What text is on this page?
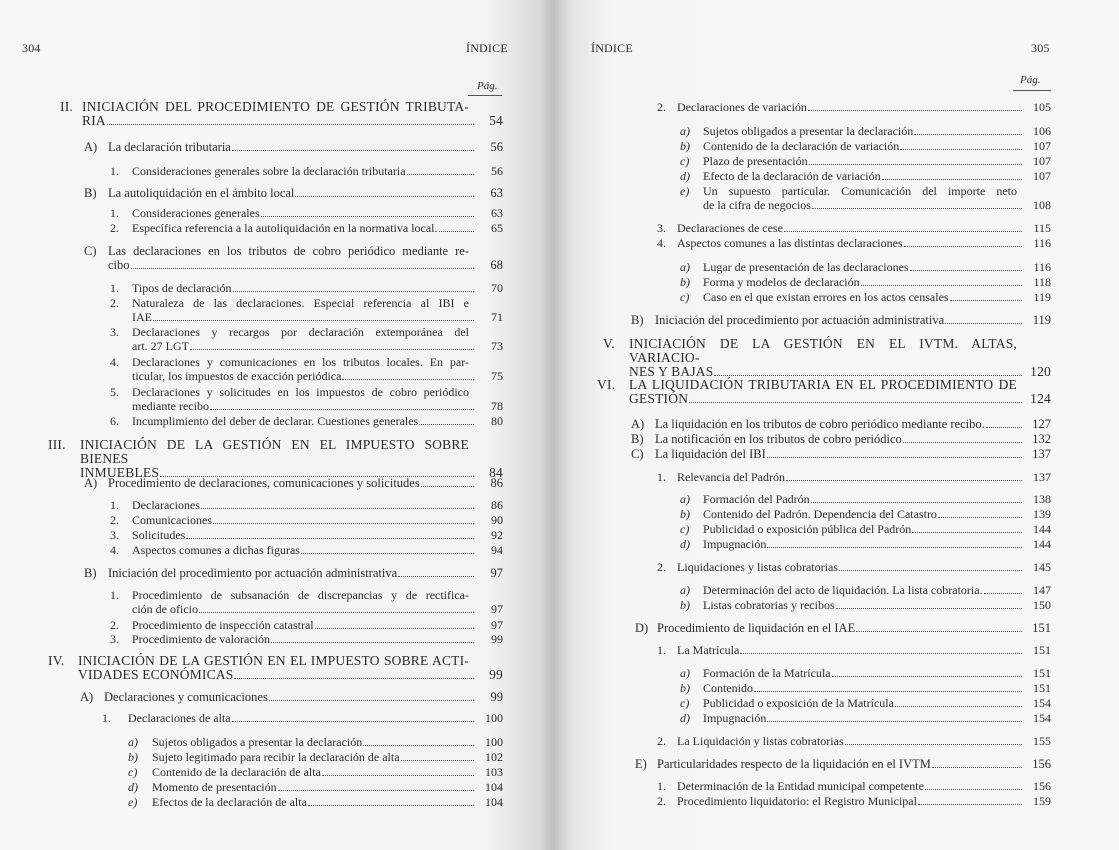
304	ÍNDICE
Pág.
II. INICIACIÓN DEL PROCEDIMIENTO DE GESTIÓN TRIBUTA-
RIA	54
A) La declaración tributaria	56
1. Consideraciones generales sobre la declaración tributaria	56
B) La autoliquidación en el ámbito local	63
1. Consideraciones generales	63
2. Específica referencia a la autoliquidación en la normativa local.	65
C) Las declaraciones en los tributos de cobro periódico mediante re-
cibo	68
1. Tipos de declaración	70
2. Naturaleza de las declaraciones. Especial referencia al IBI e
IAE	71
3. Declaraciones y recargos por declaración extemporánea del
art. 27 LGT	73
4. Declaraciones y comunicaciones en los tributos locales. En par-
ticular, los impuestos de exacción periódica	75
5. Declaraciones y solicitudes en los impuestos de cobro periódico
mediante recibo	78
6. Incumplimiento del deber de declarar. Cuestiones generales	80
III. INICIACIÓN DE LA GESTIÓN EN EL IMPUESTO SOBRE BIENES
INMUEBLES	84
A) Procedimiento de declaraciones, comunicaciones y solicitudes	86
1. Declaraciones	86
2. Comunicaciones	90
3. Solicitudes	92
4. Aspectos comunes a dichas figuras	94
B) Iniciación del procedimiento por actuación administrativa	97
1. Procedimiento de subsanación de discrepancias y de rectifica-
ción de oficio	97
2. Procedimiento de inspección catastral	97
3. Procedimiento de valoración	99
IV. INICIACIÓN DE LA GESTIÓN EN EL IMPUESTO SOBRE ACTI-
VIDADES ECONÓMICAS	99
A) Declaraciones y comunicaciones	99
1. Declaraciones de alta	100
a) Sujetos obligados a presentar la declaración	100
b) Sujeto legitimado para recibir la declaración de alta	102
c) Contenido de la declaración de alta	103
d) Momento de presentación	104
e) Efectos de la declaración de alta	104
ÍNDICE	305
Pág.
2. Declaraciones de variación	105
a) Sujetos obligados a presentar la declaración	106
b) Contenido de la declaración de variación	107
c) Plazo de presentación	107
d) Efecto de la declaración de variación	107
e) Un supuesto particular. Comunicación del importe neto
de la cifra de negocios	108
3. Declaraciones de cese	115
4. Aspectos comunes a las distintas declaraciones	116
a) Lugar de presentación de las declaraciones	116
b) Forma y modelos de declaración	118
c) Caso en el que existan errores en los actos censales	119
B) Iniciación del procedimiento por actuación administrativa	119
V. INICIACIÓN DE LA GESTIÓN EN EL IVTM. ALTAS, VARIACIO-
NES Y BAJAS	120
VI. LA LIQUIDACIÓN TRIBUTARIA EN EL PROCEDIMIENTO DE
GESTIÓN	124
A) La liquidación en los tributos de cobro periódico mediante recibo.	127
B) La notificación en los tributos de cobro periódico	132
C) La liquidación del IBI	137
1. Relevancia del Padrón	137
a) Formación del Padrón	138
b) Contenido del Padrón. Dependencia del Catastro	139
c) Publicidad o exposición pública del Padrón	144
d) Impugnación	144
2. Liquidaciones y listas cobratorias	145
a) Determinación del acto de liquidación. La lista cobratoria.	147
b) Listas cobratorias y recibos	150
D) Procedimiento de liquidación en el IAE	151
1. La Matrícula	151
a) Formación de la Matrícula	151
b) Contenido	151
c) Publicidad o exposición de la Matrícula	154
d) Impugnación	154
2. La Liquidación y listas cobratorias	155
E) Particularidades respecto de la liquidación en el IVTM	156
1. Determinación de la Entidad municipal competente	156
2. Procedimiento liquidatorio: el Registro Municipal	159
